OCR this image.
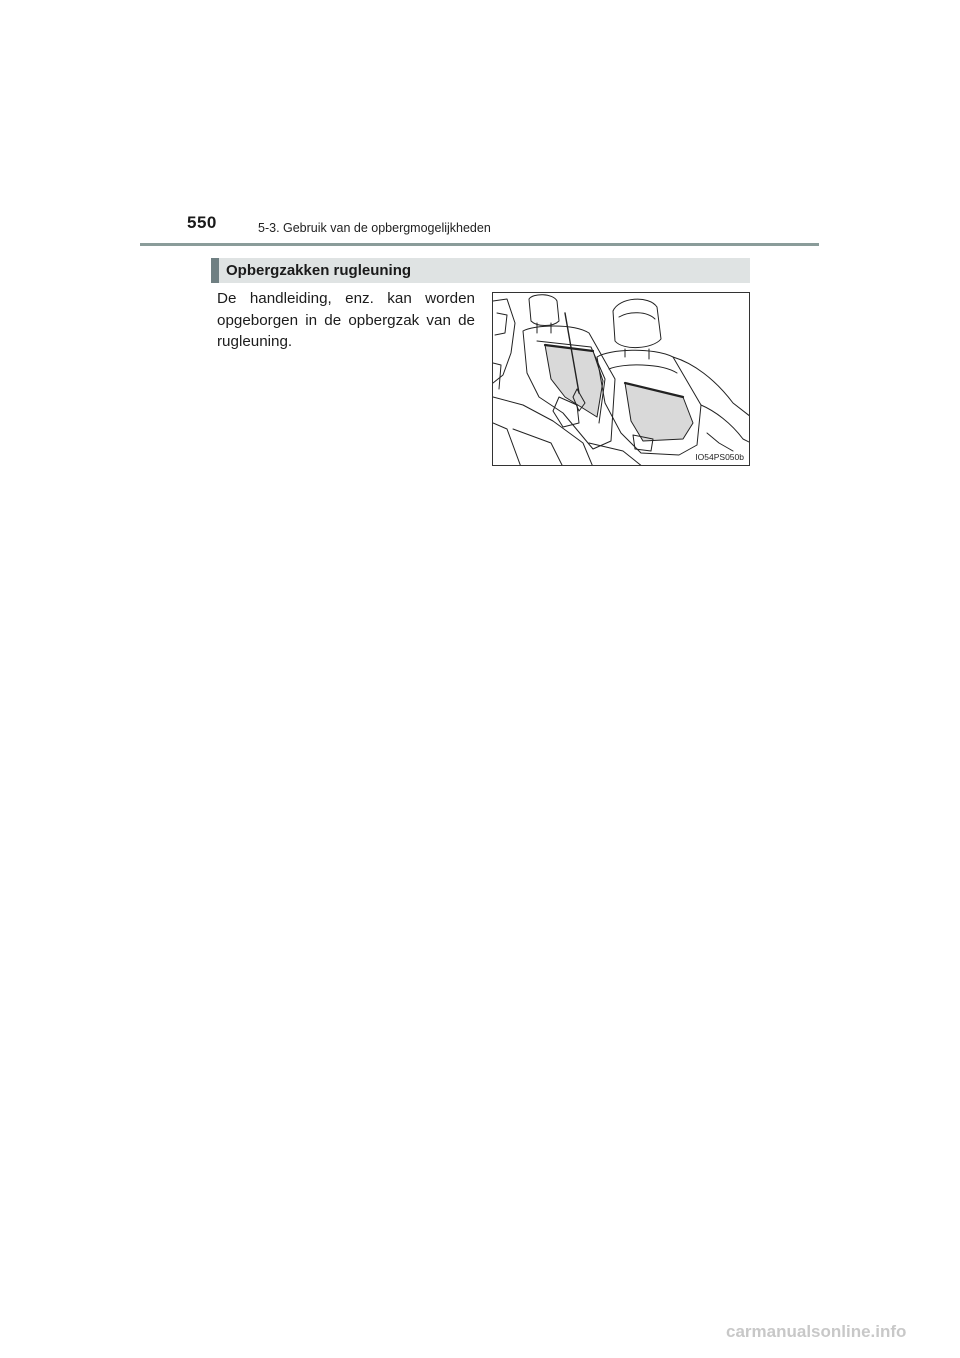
550	5-3. Gebruik van de opbergmogelijkheden
Opbergzakken rugleuning
De handleiding, enz. kan worden opgeborgen in de opbergzak van de rugleuning.
IO54PS050b
carmanualsonline.info
